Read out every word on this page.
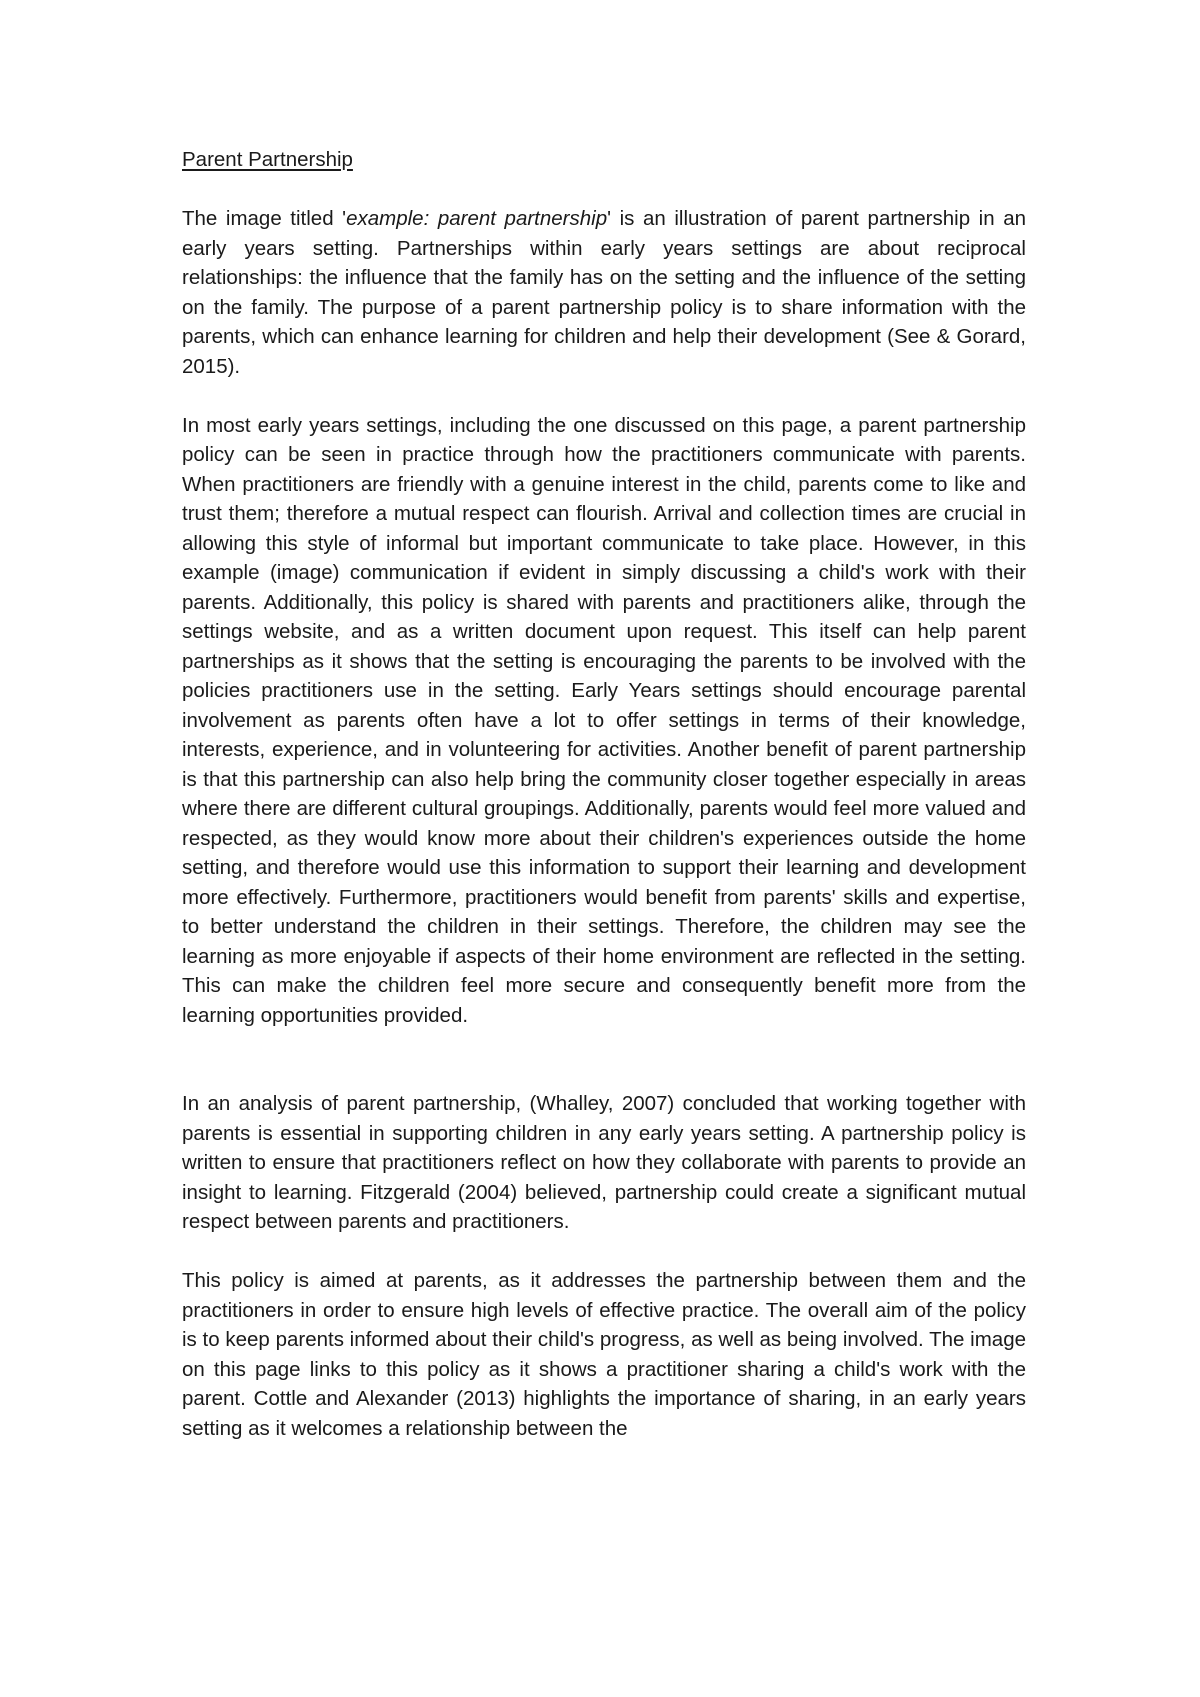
Parent Partnership

The image titled 'example: parent partnership' is an illustration of parent partnership in an early years setting. Partnerships within early years settings are about reciprocal relationships: the influence that the family has on the setting and the influence of the setting on the family. The purpose of a parent partnership policy is to share information with the parents, which can enhance learning for children and help their development (See & Gorard, 2015).

In most early years settings, including the one discussed on this page, a parent partnership policy can be seen in practice through how the practitioners communicate with parents. When practitioners are friendly with a genuine interest in the child, parents come to like and trust them; therefore a mutual respect can flourish. Arrival and collection times are crucial in allowing this style of informal but important communicate to take place. However, in this example (image) communication if evident in simply discussing a child's work with their parents. Additionally, this policy is shared with parents and practitioners alike, through the settings website, and as a written document upon request. This itself can help parent partnerships as it shows that the setting is encouraging the parents to be involved with the policies practitioners use in the setting. Early Years settings should encourage parental involvement as parents often have a lot to offer settings in terms of their knowledge, interests, experience, and in volunteering for activities. Another benefit of parent partnership is that this partnership can also help bring the community closer together especially in areas where there are different cultural groupings. Additionally, parents would feel more valued and respected, as they would know more about their children's experiences outside the home setting, and therefore would use this information to support their learning and development more effectively. Furthermore, practitioners would benefit from parents' skills and expertise, to better understand the children in their settings. Therefore, the children may see the learning as more enjoyable if aspects of their home environment are reflected in the setting. This can make the children feel more secure and consequently benefit more from the learning opportunities provided.

In an analysis of parent partnership, (Whalley, 2007) concluded that working together with parents is essential in supporting children in any early years setting. A partnership policy is written to ensure that practitioners reflect on how they collaborate with parents to provide an insight to learning. Fitzgerald (2004) believed, partnership could create a significant mutual respect between parents and practitioners.

This policy is aimed at parents, as it addresses the partnership between them and the practitioners in order to ensure high levels of effective practice. The overall aim of the policy is to keep parents informed about their child's progress, as well as being involved. The image on this page links to this policy as it shows a practitioner sharing a child's work with the parent. Cottle and Alexander (2013) highlights the importance of sharing, in an early years setting as it welcomes a relationship between the
